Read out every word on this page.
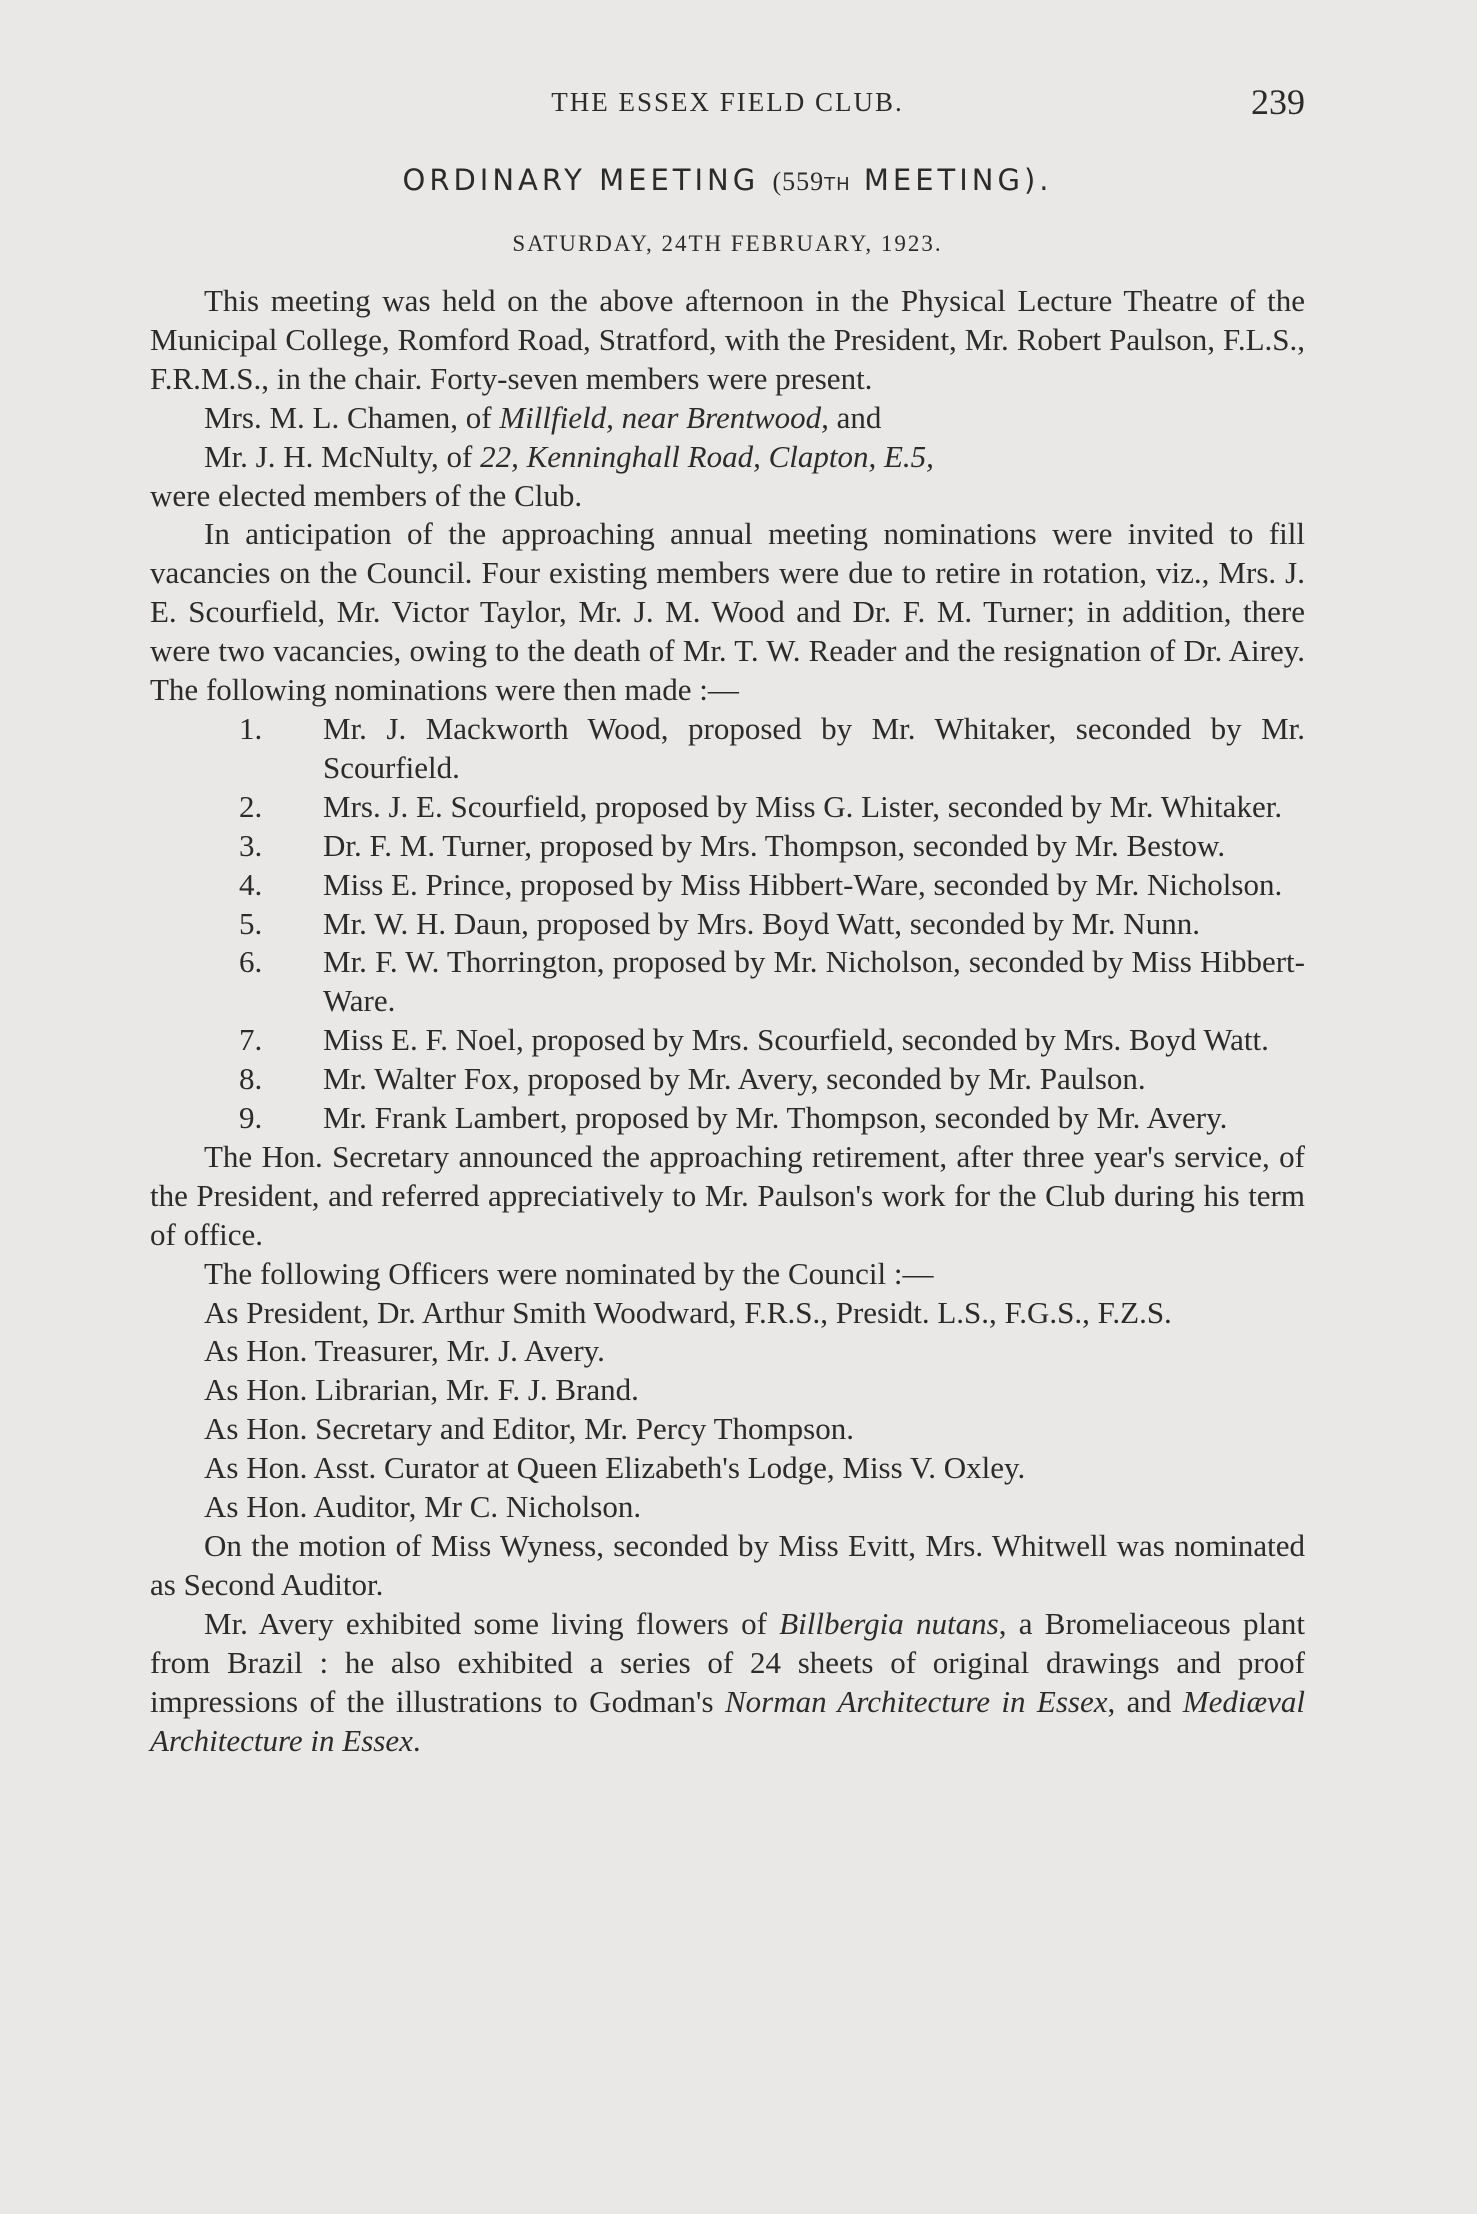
THE ESSEX FIELD CLUB.	239
ORDINARY MEETING (559TH MEETING).
SATURDAY, 24TH FEBRUARY, 1923.

This meeting was held on the above afternoon in the Physical Lecture Theatre of the Municipal College, Romford Road, Stratford, with the President, Mr. Robert Paulson, F.L.S., F.R.M.S., in the chair. Forty-seven members were present.

Mrs. M. L. Chamen, of Millfield, near Brentwood, and

Mr. J. H. McNulty, of 22, Kenninghall Road, Clapton, E.5,

were elected members of the Club.

In anticipation of the approaching annual meeting nominations were invited to fill vacancies on the Council. Four existing members were due to retire in rotation, viz., Mrs. J. E. Scourfield, Mr. Victor Taylor, Mr. J. M. Wood and Dr. F. M. Turner; in addition, there were two vacancies, owing to the death of Mr. T. W. Reader and the resignation of Dr. Airey. The following nominations were then made :—

1. Mr. J. Mackworth Wood, proposed by Mr. Whitaker, seconded by Mr. Scourfield.
2. Mrs. J. E. Scourfield, proposed by Miss G. Lister, seconded by Mr. Whitaker.
3. Dr. F. M. Turner, proposed by Mrs. Thompson, seconded by Mr. Bestow.
4. Miss E. Prince, proposed by Miss Hibbert-Ware, seconded by Mr. Nicholson.
5. Mr. W. H. Daun, proposed by Mrs. Boyd Watt, seconded by Mr. Nunn.
6. Mr. F. W. Thorrington, proposed by Mr. Nicholson, seconded by Miss Hibbert-Ware.
7. Miss E. F. Noel, proposed by Mrs. Scourfield, seconded by Mrs. Boyd Watt.
8. Mr. Walter Fox, proposed by Mr. Avery, seconded by Mr. Paulson.
9. Mr. Frank Lambert, proposed by Mr. Thompson, seconded by Mr. Avery.

The Hon. Secretary announced the approaching retirement, after three year's service, of the President, and referred appreciatively to Mr. Paulson's work for the Club during his term of office.

The following Officers were nominated by the Council :—

As President, Dr. Arthur Smith Woodward, F.R.S., Presidt. L.S., F.G.S., F.Z.S.

As Hon. Treasurer, Mr. J. Avery.

As Hon. Librarian, Mr. F. J. Brand.

As Hon. Secretary and Editor, Mr. Percy Thompson.

As Hon. Asst. Curator at Queen Elizabeth's Lodge, Miss V. Oxley.

As Hon. Auditor, Mr C. Nicholson.

On the motion of Miss Wyness, seconded by Miss Evitt, Mrs. Whitwell was nominated as Second Auditor.

Mr. Avery exhibited some living flowers of Billbergia nutans, a Bromeliaceous plant from Brazil : he also exhibited a series of 24 sheets of original drawings and proof impressions of the illustrations to Godman's Norman Architecture in Essex, and Mediæval Architecture in Essex.
